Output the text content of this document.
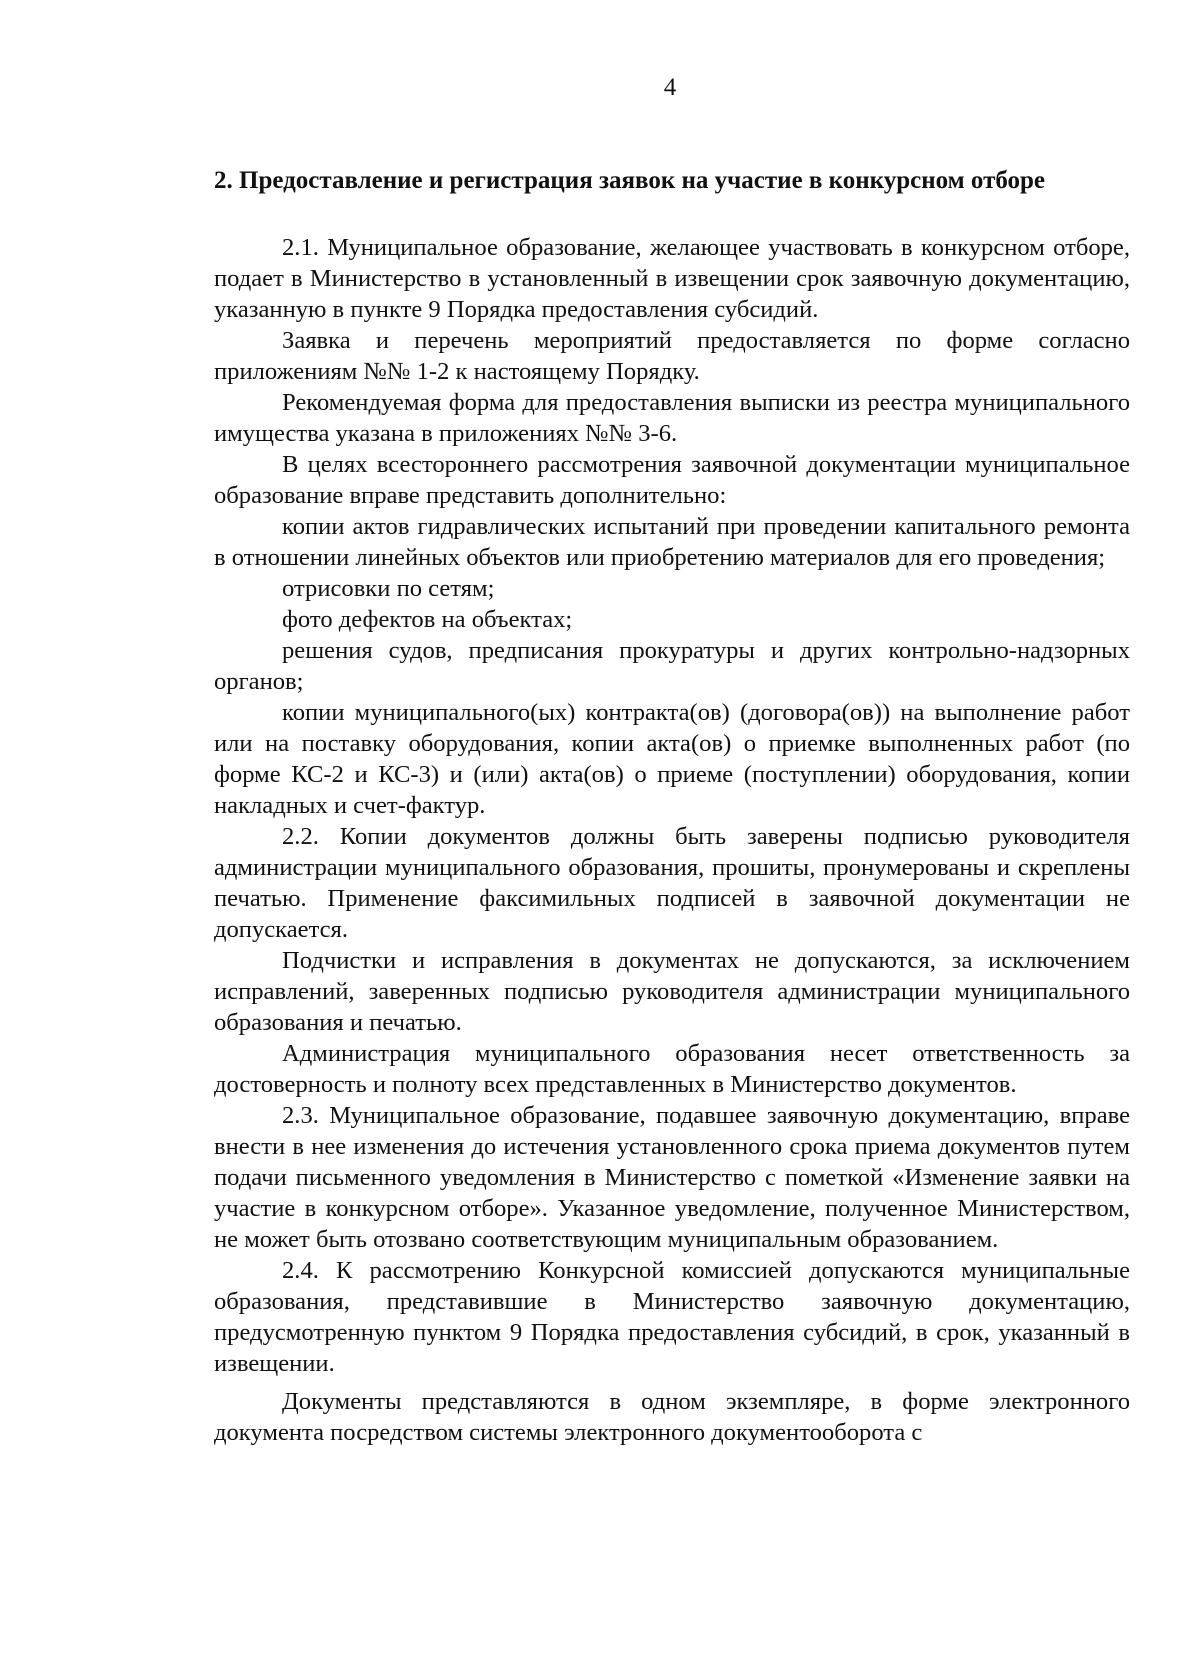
4
2. Предоставление и регистрация заявок на участие в конкурсном отборе

2.1. Муниципальное образование, желающее участвовать в конкурсном отборе, подает в Министерство в установленный в извещении срок заявочную документацию, указанную в пункте 9 Порядка предоставления субсидий.

Заявка и перечень мероприятий предоставляется по форме согласно приложениям №№ 1-2 к настоящему Порядку.

Рекомендуемая форма для предоставления выписки из реестра муниципального имущества указана в приложениях №№ 3-6.

В целях всестороннего рассмотрения заявочной документации муниципальное образование вправе представить дополнительно:

копии актов гидравлических испытаний при проведении капитального ремонта в отношении линейных объектов или приобретению материалов для его проведения;

отрисовки по сетям;

фото дефектов на объектах;

решения судов, предписания прокуратуры и других контрольно-надзорных органов;

копии муниципального(ых) контракта(ов) (договора(ов)) на выполнение работ или на поставку оборудования, копии акта(ов) о приемке выполненных работ (по форме КС-2 и КС-3) и (или) акта(ов) о приеме (поступлении) оборудования, копии накладных и счет-фактур.

2.2. Копии документов должны быть заверены подписью руководителя администрации муниципального образования, прошиты, пронумерованы и скреплены печатью. Применение факсимильных подписей в заявочной документации не допускается.

Подчистки и исправления в документах не допускаются, за исключением исправлений, заверенных подписью руководителя администрации муниципального образования и печатью.

Администрация муниципального образования несет ответственность за достоверность и полноту всех представленных в Министерство документов.

2.3. Муниципальное образование, подавшее заявочную документацию, вправе внести в нее изменения до истечения установленного срока приема документов путем подачи письменного уведомления в Министерство с пометкой «Изменение заявки на участие в конкурсном отборе». Указанное уведомление, полученное Министерством, не может быть отозвано соответствующим муниципальным образованием.

2.4. К рассмотрению Конкурсной комиссией допускаются муниципальные образования, представившие в Министерство заявочную документацию, предусмотренную пунктом 9 Порядка предоставления субсидий, в срок, указанный в извещении.

Документы представляются в одном экземпляре, в форме электронного документа посредством системы электронного документооборота с
